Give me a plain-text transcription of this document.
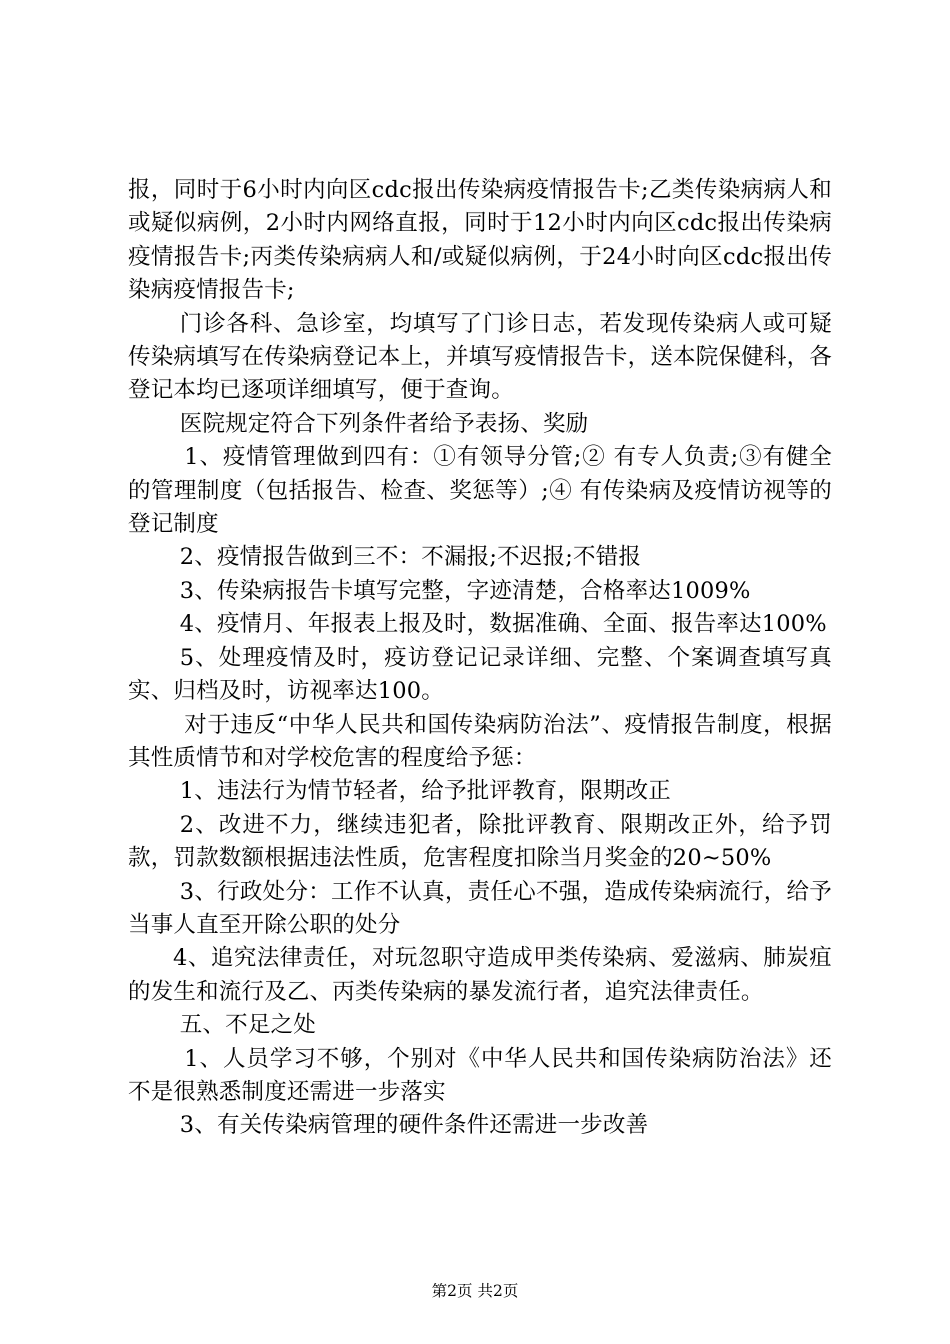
报，同时于6小时内向区cdc报出传染病疫情报告卡;乙类传染病病人和或疑似病例，2小时内网络直报，同时于12小时内向区cdc报出传染病疫情报告卡;丙类传染病病人和/或疑似病例，于24小时向区cdc报出传染病疫情报告卡;

门诊各科、急诊室，均填写了门诊日志，若发现传染病人或可疑传染病填写在传染病登记本上，并填写疫情报告卡，送本院保健科，各登记本均已逐项详细填写，便于查询。

医院规定符合下列条件者给予表扬、奖励

1、疫情管理做到四有：①有领导分管;② 有专人负责;③有健全的管理制度（包括报告、检查、奖惩等）;④ 有传染病及疫情访视等的登记制度

2、疫情报告做到三不：不漏报;不迟报;不错报

3、传染病报告卡填写完整，字迹清楚，合格率达1009%

4、疫情月、年报表上报及时，数据准确、全面、报告率达100%

5、处理疫情及时，疫访登记记录详细、完整、个案调查填写真实、归档及时，访视率达100。

对于违反“中华人民共和国传染病防治法”、疫情报告制度，根据其性质情节和对学校危害的程度给予惩：

1、违法行为情节轻者，给予批评教育，限期改正

2、改进不力，继续违犯者，除批评教育、限期改正外，给予罚款，罚款数额根据违法性质，危害程度扣除当月奖金的20~50%

3、行政处分：工作不认真，责任心不强，造成传染病流行，给予当事人直至开除公职的处分

4、追究法律责任，对玩忽职守造成甲类传染病、爱滋病、肺炭疽的发生和流行及乙、丙类传染病的暴发流行者，追究法律责任。

五、不足之处

1、人员学习不够，个别对《中华人民共和国传染病防治法》还不是很熟悉制度还需进一步落实

3、有关传染病管理的硬件条件还需进一步改善

第2页 共2页
